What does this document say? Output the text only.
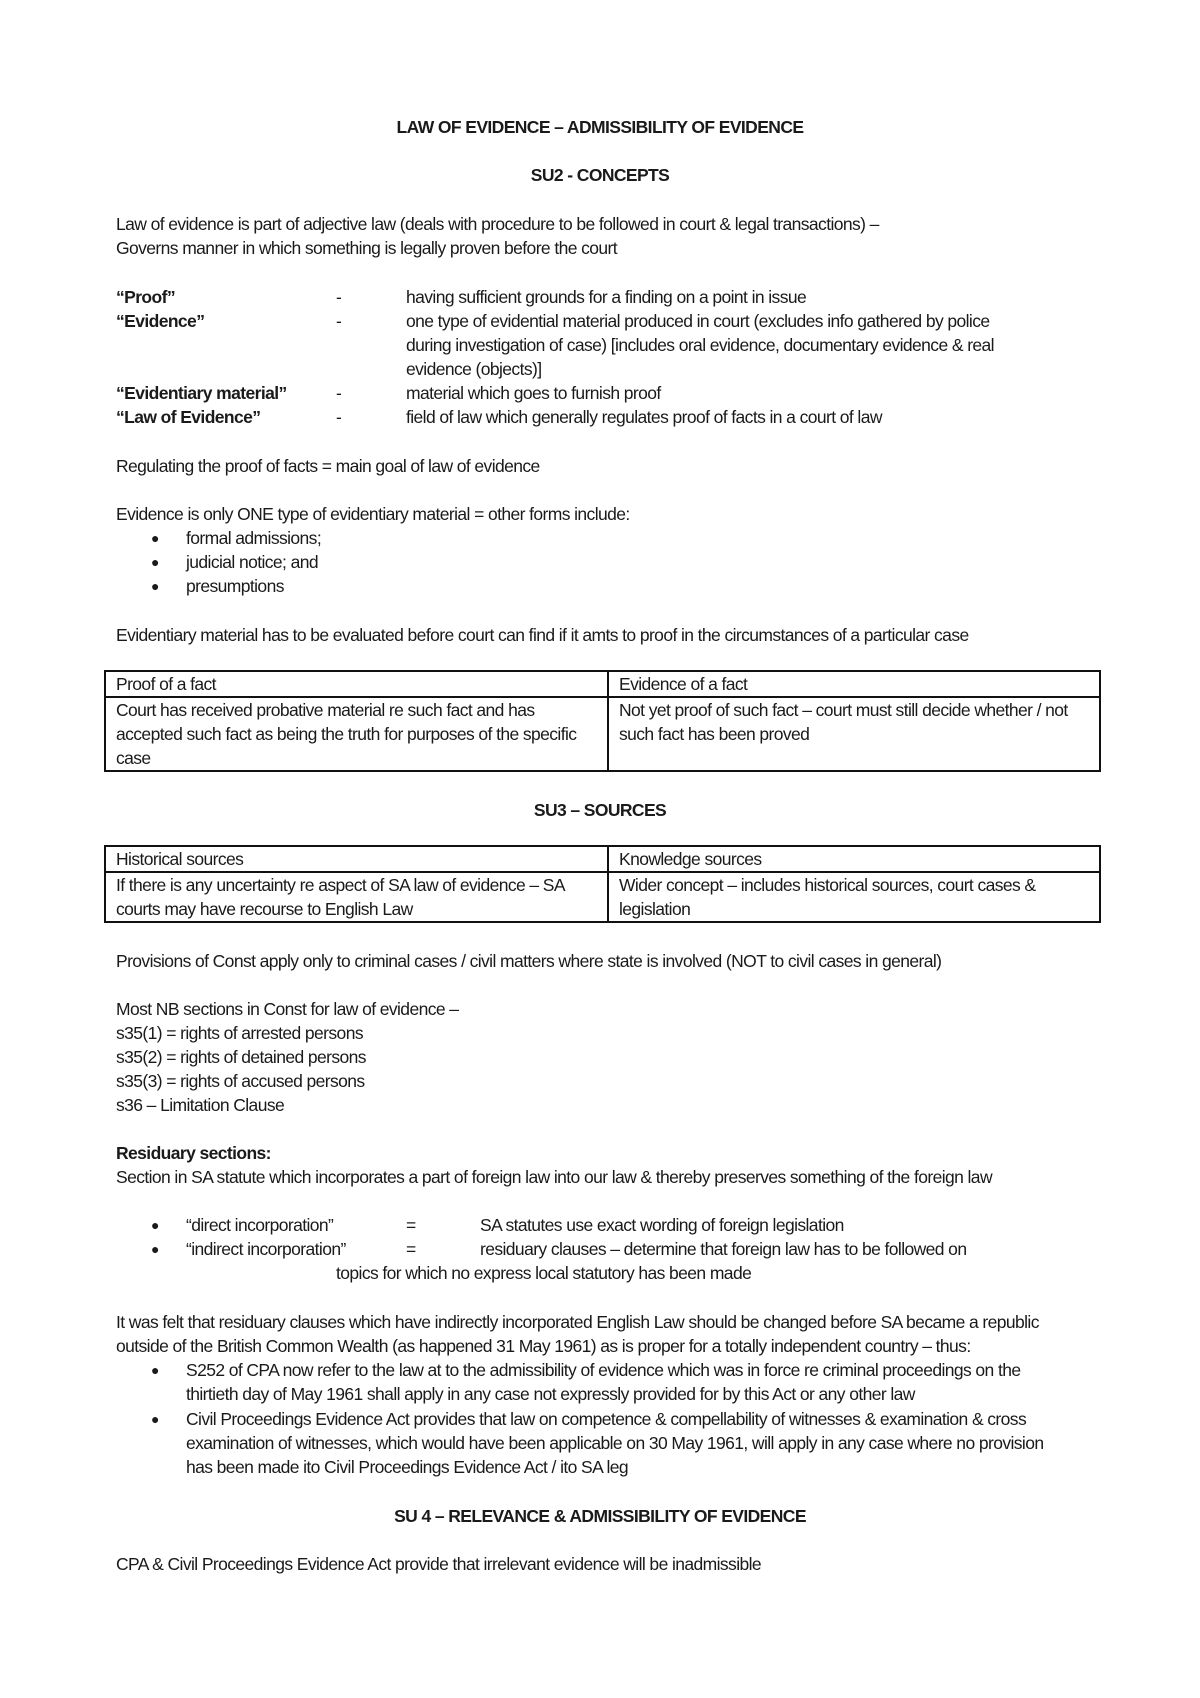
LAW OF EVIDENCE – ADMISSIBILITY OF EVIDENCE
SU2 - CONCEPTS
Law of evidence is part of adjective law (deals with procedure to be followed in court & legal transactions) –
Governs manner in which something is legally proven before the court
“Proof”	-	having sufficient grounds for a finding on a point in issue
“Evidence”	-	one type of evidential material produced in court (excludes info gathered by police during investigation of case) [includes oral evidence, documentary evidence & real evidence (objects)]
“Evidentiary material”	-	material which goes to furnish proof
“Law of Evidence”	-	field of law which generally regulates proof of facts in a court of law
Regulating the proof of facts = main goal of law of evidence
Evidence is only ONE type of evidentiary material = other forms include:
● formal admissions;
● judicial notice; and
● presumptions
Evidentiary material has to be evaluated before court can find if it amts to proof in the circumstances of a particular case
Proof of a fact	Evidence of a fact
Court has received probative material re such fact and has accepted such fact as being the truth for purposes of the specific case	Not yet proof of such fact – court must still decide whether / not such fact has been proved
SU3 – SOURCES
Historical sources	Knowledge sources
If there is any uncertainty re aspect of SA law of evidence – SA courts may have recourse to English Law	Wider concept – includes historical sources, court cases & legislation
Provisions of Const apply only to criminal cases / civil matters where state is involved (NOT to civil cases in general)
Most NB sections in Const for law of evidence –
s35(1) = rights of arrested persons
s35(2) = rights of detained persons
s35(3) = rights of accused persons
s36 – Limitation Clause
Residuary sections:
Section in SA statute which incorporates a part of foreign law into our law & thereby preserves something of the foreign law
● “direct incorporation”	=	SA statutes use exact wording of foreign legislation
● “indirect incorporation”	=	residuary clauses – determine that foreign law has to be followed on
topics for which no express local statutory has been made
It was felt that residuary clauses which have indirectly incorporated English Law should be changed before SA became a republic
outside of the British Common Wealth (as happened 31 May 1961) as is proper for a totally independent country – thus:
● S252 of CPA now refer to the law at to the admissibility of evidence which was in force re criminal proceedings on the
thirtieth day of May 1961 shall apply in any case not expressly provided for by this Act or any other law
● Civil Proceedings Evidence Act provides that law on competence & compellability of witnesses & examination & cross
examination of witnesses, which would have been applicable on 30 May 1961, will apply in any case where no provision
has been made ito Civil Proceedings Evidence Act / ito SA leg
SU 4 – RELEVANCE & ADMISSIBILITY OF EVIDENCE
CPA & Civil Proceedings Evidence Act provide that irrelevant evidence will be inadmissible
